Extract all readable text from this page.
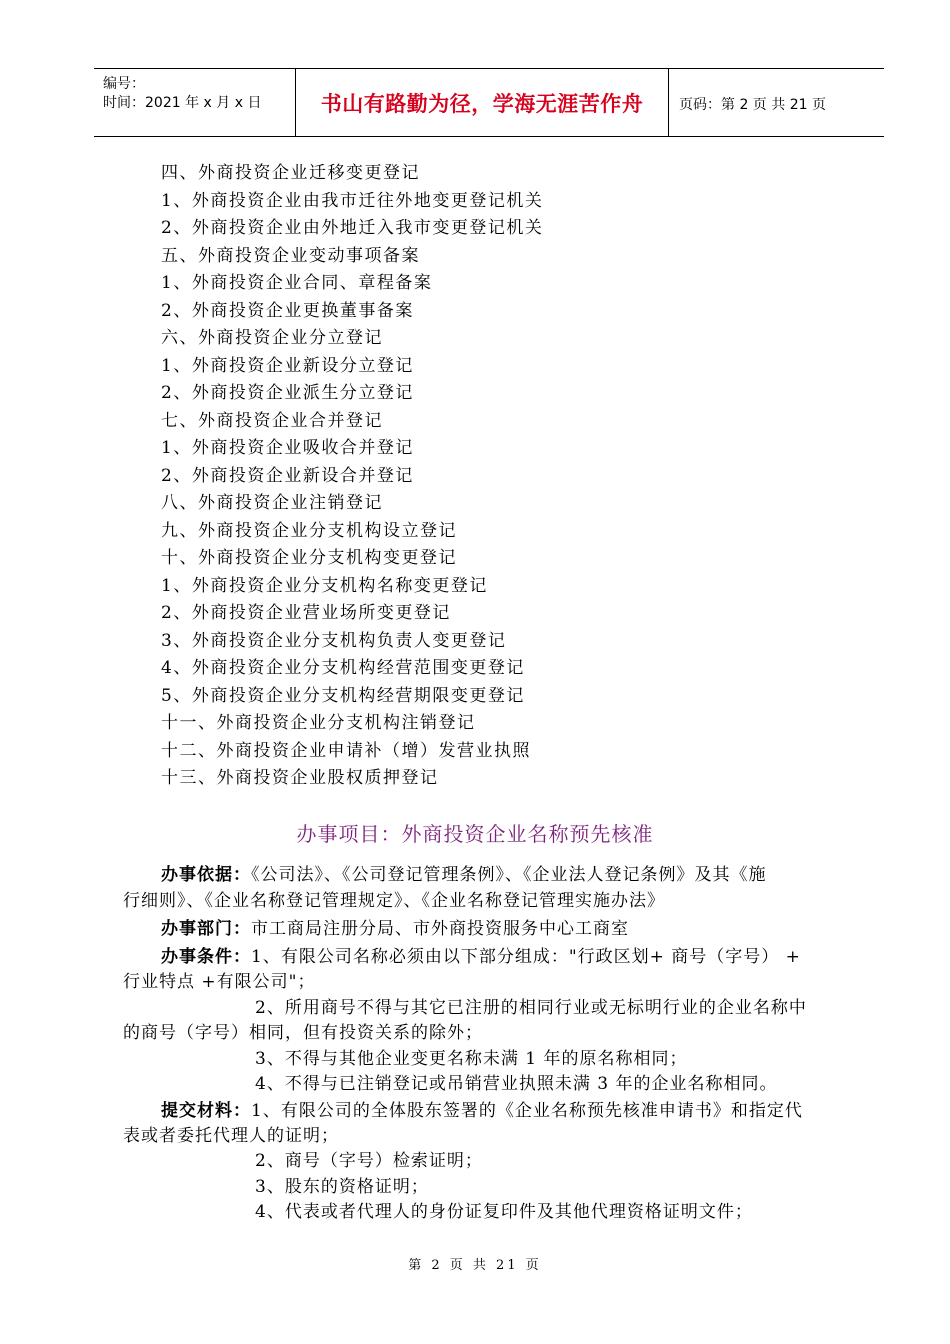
编号：
时间：2021 年 x 月 x 日	书山有路勤为径，学海无涯苦作舟	页码：第 2 页 共 21 页
四、外商投资企业迁移变更登记
1、外商投资企业由我市迁往外地变更登记机关
2、外商投资企业由外地迁入我市变更登记机关
五、外商投资企业变动事项备案
1、外商投资企业合同、章程备案
2、外商投资企业更换董事备案
六、外商投资企业分立登记
1、外商投资企业新设分立登记
2、外商投资企业派生分立登记
七、外商投资企业合并登记
1、外商投资企业吸收合并登记
2、外商投资企业新设合并登记
八、外商投资企业注销登记
九、外商投资企业分支机构设立登记
十、外商投资企业分支机构变更登记
1、外商投资企业分支机构名称变更登记
2、外商投资企业营业场所变更登记
3、外商投资企业分支机构负责人变更登记
4、外商投资企业分支机构经营范围变更登记
5、外商投资企业分支机构经营期限变更登记
十一、外商投资企业分支机构注销登记
十二、外商投资企业申请补（增）发营业执照
十三、外商投资企业股权质押登记
办事项目：外商投资企业名称预先核准
办事依据：《公司法》、《公司登记管理条例》、《企业法人登记条例》及其《施
行细则》、《企业名称登记管理规定》、《企业名称登记管理实施办法》
办事部门：市工商局注册分局、市外商投资服务中心工商室
办事条件：1、有限公司名称必须由以下部分组成："行政区划+ 商号（字号） +
行业特点 +有限公司"；
2、所用商号不得与其它已注册的相同行业或无标明行业的企业名称中
的商号（字号）相同，但有投资关系的除外；
3、不得与其他企业变更名称未满 1 年的原名称相同；
4、不得与已注销登记或吊销营业执照未满 3 年的企业名称相同。
提交材料：1、有限公司的全体股东签署的《企业名称预先核准申请书》和指定代
表或者委托代理人的证明；
2、商号（字号）检索证明；
3、股东的资格证明；
4、代表或者代理人的身份证复印件及其他代理资格证明文件；
第 2 页 共 21 页
